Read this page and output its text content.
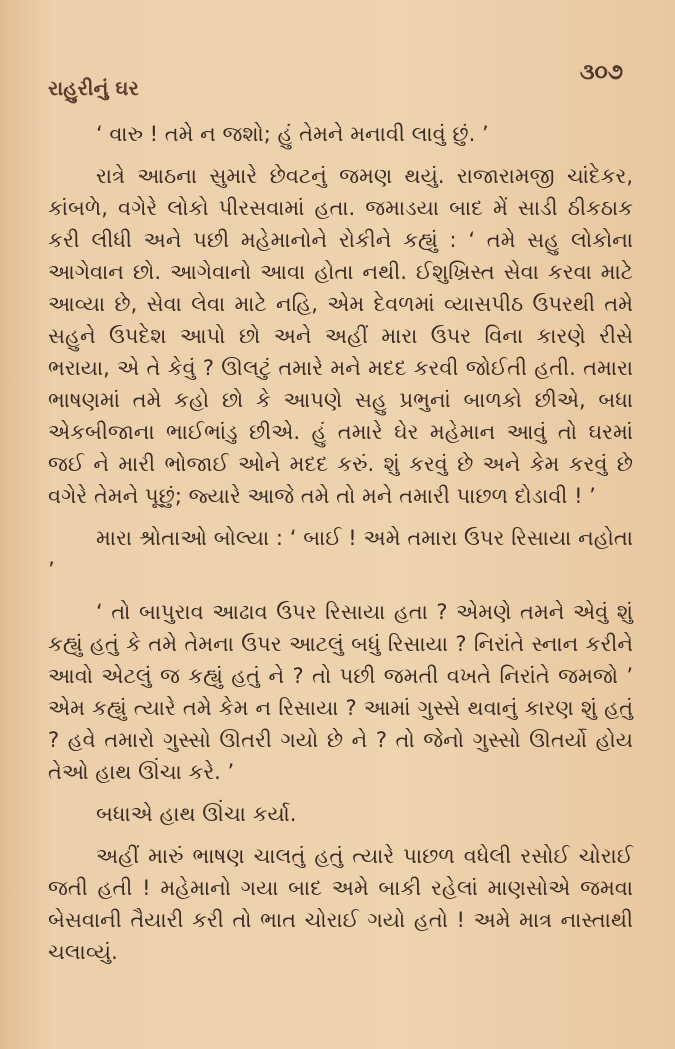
રાહુરીનું ઘર
૩૦૭

‘ વારુ ! તમે ન જશો; હું તેમને મનાવી લાવું છું. ’

રાત્રે આઠના સુમારે છેવટનું જમણ થયું. રાજારામજી ચાંદેકર, કાંબળે, વગેરે લોકો પીરસવામાં હતા. જમાડયા બાદ મેં સાડી ઠીકઠાક કરી લીધી અને પછી મહેમાનોને રોકીને કહ્યું : ‘ તમે સહુ લોકોના આગેવાન છો. આગેવાનો આવા હોતા નથી. ઈશુખ્રિસ્ત સેવા કરવા માટે આવ્યા છે, સેવા લેવા માટે નહિ, એમ દેવળમાં વ્યાસપીઠ ઉપરથી તમે સહુને ઉપદેશ આપો છો અને અહીં મારા ઉપર વિના કારણે રીસે ભરાયા, એ તે કેવું ? ઊલટું તમારે મને મદદ કરવી જોઈતી હતી. તમારા ભાષણમાં તમે કહો છો કે આપણે સહુ પ્રભુનાં બાળકો છીએ, બધા એકબીજાના ભાઈભાંડુ છીએ. હું તમારે ઘેર મહેમાન આવું તો ઘરમાં જઈ ને મારી ભોજાઈ ઓને મદદ કરું. શું કરવું છે અને કેમ કરવું છે વગેરે તેમને પૂછું; જ્યારે આજે તમે તો મને તમારી પાછળ દોડાવી ! ’

મારા શ્રોતાઓ બોલ્યા : ‘ બાઈ ! અમે તમારા ઉપર રિસાયા નહોતા ’

‘ તો બાપુરાવ આઢાવ ઉપર રિસાયા હતા ? એમણે તમને એવું શું કહ્યું હતું કે તમે તેમના ઉપર આટલું બધું રિસાયા ? નિરાંતે સ્નાન કરીને આવો એટલું જ કહ્યું હતું ને ? તો પછી જમતી વખતે નિરાંતે જમજો ’ એમ કહ્યું ત્યારે તમે કેમ ન રિસાયા ? આમાં ગુસ્સે થવાનું કારણ શું હતું ? હવે તમારો ગુસ્સો ઊતરી ગયો છે ને ? તો જેનો ગુસ્સો ઊતર્યો હોય તેઓ હાથ ઊંચા કરે. ’

બધાએ હાથ ઊંચા કર્યા.

અહીં મારું ભાષણ ચાલતું હતું ત્યારે પાછળ વધેલી રસોઈ ચોરાઈ જતી હતી ! મહેમાનો ગયા બાદ અમે બાકી રહેલાં માણસોએ જમવા બેસવાની તૈયારી કરી તો ભાત ચોરાઈ ગયો હતો ! અમે માત્ર નાસ્તાથી ચલાવ્યું.
